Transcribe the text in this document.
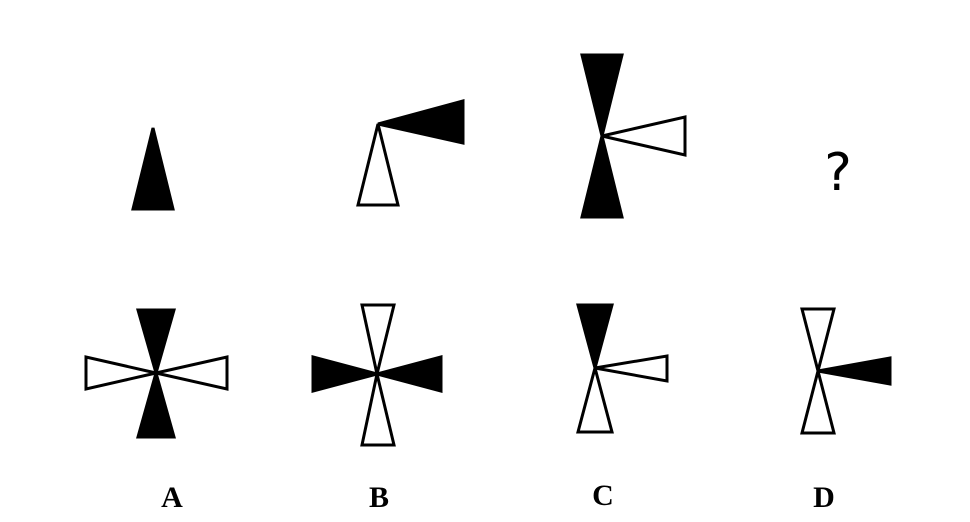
?
A	B	C	D
